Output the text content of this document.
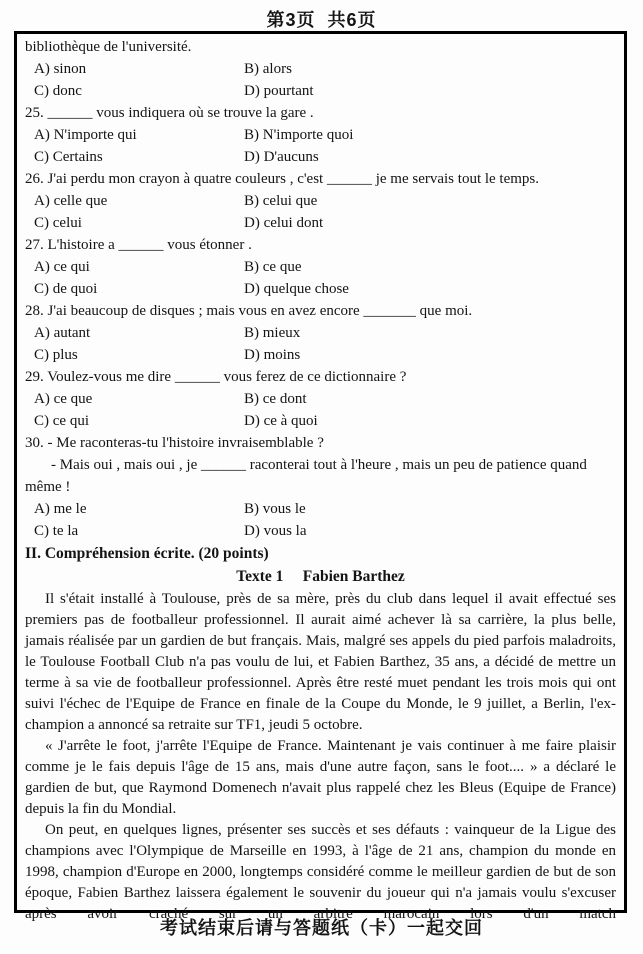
第3页  共6页
bibliothèque de l'université.
A) sinon	B) alors
C) donc	D) pourtant
25. ______ vous indiquera où se trouve la gare .
A) N'importe qui	B) N'importe quoi
C) Certains	D) D'aucuns
26. J'ai perdu mon crayon à quatre couleurs , c'est ______ je me servais tout le temps.
A) celle que	B) celui que
C) celui	D) celui dont
27. L'histoire a ______ vous étonner .
A) ce qui	B) ce que
C) de quoi	D) quelque chose
28. J'ai beaucoup de disques ; mais vous en avez encore _______ que moi.
A) autant	B) mieux
C) plus	D) moins
29. Voulez-vous me dire ______ vous ferez de ce dictionnaire ?
A) ce que	B) ce dont
C) ce qui	D) ce à quoi
30. - Me raconteras-tu l'histoire invraisemblable ?
- Mais oui , mais oui , je ______ raconterai tout à l'heure , mais un peu de patience quand même !
A) me le	B) vous le
C) te la	D) vous la
II. Compréhension écrite. (20 points)
Texte 1     Fabien Barthez

Il s'était installé à Toulouse, près de sa mère, près du club dans lequel il avait effectué ses premiers pas de footballeur professionnel. Il aurait aimé achever là sa carrière, la plus belle, jamais réalisée par un gardien de but français. Mais, malgré ses appels du pied parfois maladroits, le Toulouse Football Club n'a pas voulu de lui, et Fabien Barthez, 35 ans, a décidé de mettre un terme à sa vie de footballeur professionnel. Après être resté muet pendant les trois mois qui ont suivi l'échec de l'Equipe de France en finale de la Coupe du Monde, le 9 juillet, a Berlin, l'ex-champion a annoncé sa retraite sur TF1, jeudi 5 octobre.

« J'arrête le foot, j'arrête l'Equipe de France. Maintenant je vais continuer à me faire plaisir comme je le fais depuis l'âge de 15 ans, mais d'une autre façon, sans le foot.... » a déclaré le gardien de but, que Raymond Domenech n'avait plus rappelé chez les Bleus (Equipe de France) depuis la fin du Mondial.

On peut, en quelques lignes, présenter ses succès et ses défauts : vainqueur de la Ligue des champions avec l'Olympique de Marseille en 1993, à l'âge de 21 ans, champion du monde en 1998, champion d'Europe en 2000, longtemps considéré comme le meilleur gardien de but de son époque, Fabien Barthez laissera également le souvenir du joueur qui n'a jamais voulu s'excuser après avoir craché sur un arbitre marocain lors d'un match

考试结束后请与答题纸（卡）一起交回
